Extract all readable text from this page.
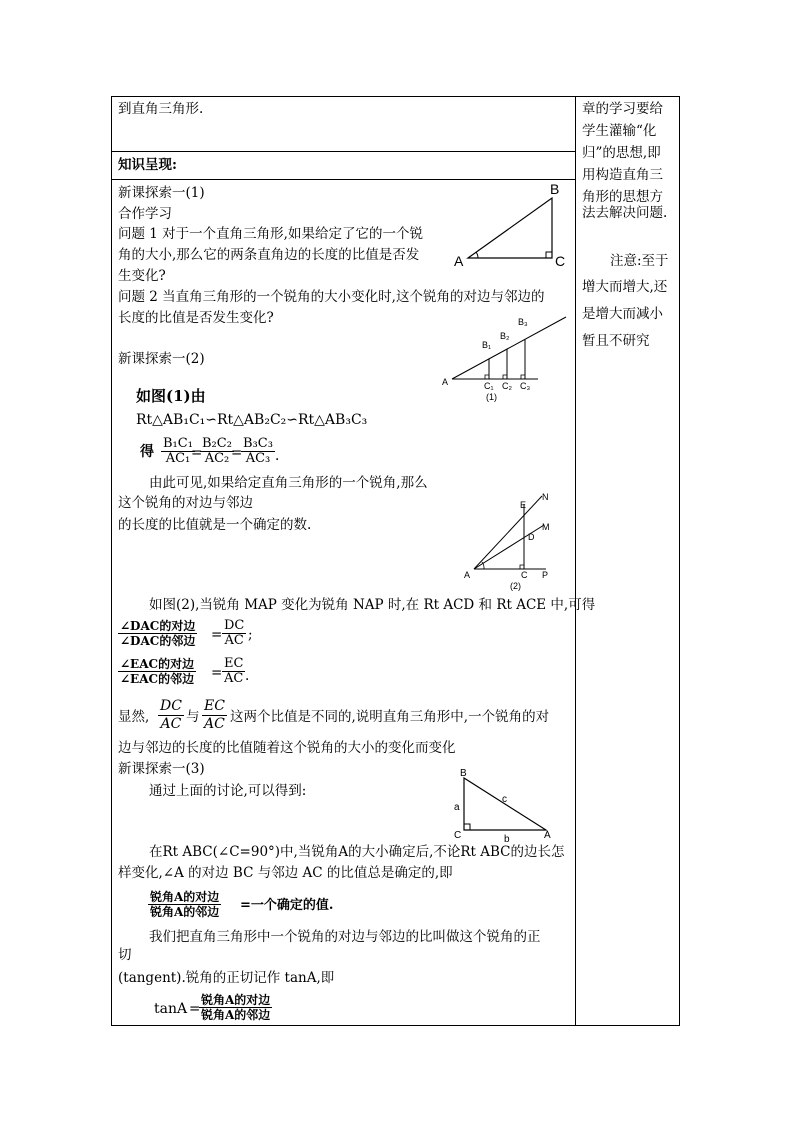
到直角三角形.
知识呈现:
章的学习要给
学生灌输“化
归”的思想,即
用构造直角三
角形的思想方
法去解决问题.
注意:至于
增大而增大,还
是增大而减小
暂且不研究
新课探索一(1)
合作学习
问题 1 对于一个直角三角形,如果给定了它的一个锐
角的大小,那么它的两条直角边的长度的比值是否发
生变化?
问题 2 当直角三角形的一个锐角的大小变化时,这个锐角的对边与邻边的
长度的比值是否发生变化?
B
A	C
新课探索一(2)
A
B₁
B₂
B₃
C₁ C₂ C₃
(1)
如图(1)由
Rt△AB₁C₁∽Rt△AB₂C₂∽Rt△AB₃C₃
得 $\frac{\text{B₁C₁}}{\text{AC₁}}$
=
$\frac{\text{B₂C₂}}{\text{AC₂}}$
=
$\frac{\text{B₃C₃}}{\text{AC₃}}$ .
由此可见,如果给定直角三角形的一个锐角,那么
这个锐角的对边与邻边
的长度的比值就是一个确定的数.
A	C P
D
M
E
N
(2)
如图(2),当锐角 MAP 变化为锐角 NAP 时,在 Rt ACD 和 Rt ACE 中,可得
∠DAC的对边
∠DAC的邻边 = $\frac{DC}{AC}$ ;
∠EAC的对边
∠EAC的邻边 = $\frac{EC}{AC}$ .
显然, $\frac{DC}{AC}$ 与 $\frac{EC}{AC}$ 这两个比值是不同的,说明直角三角形中,一个锐角的对
边与邻边的长度的比值随着这个锐角的大小的变化而变化
新课探索一(3)
通过上面的讨论,可以得到:
B
C	A
a
b
c
在Rt ABC(∠C=90°)中,当锐角A的大小确定后,不论Rt ABC的边长怎
样变化,∠A 的对边 BC 与邻边 AC 的比值总是确定的,即
锐角A的对边
锐角A的邻边 =一个确定的值.
我们把直角三角形中一个锐角的对边与邻边的比叫做这个锐角的正
切
(tangent).锐角的正切记作 tanA,即
tanA =
锐角A的对边
锐角A的邻边
